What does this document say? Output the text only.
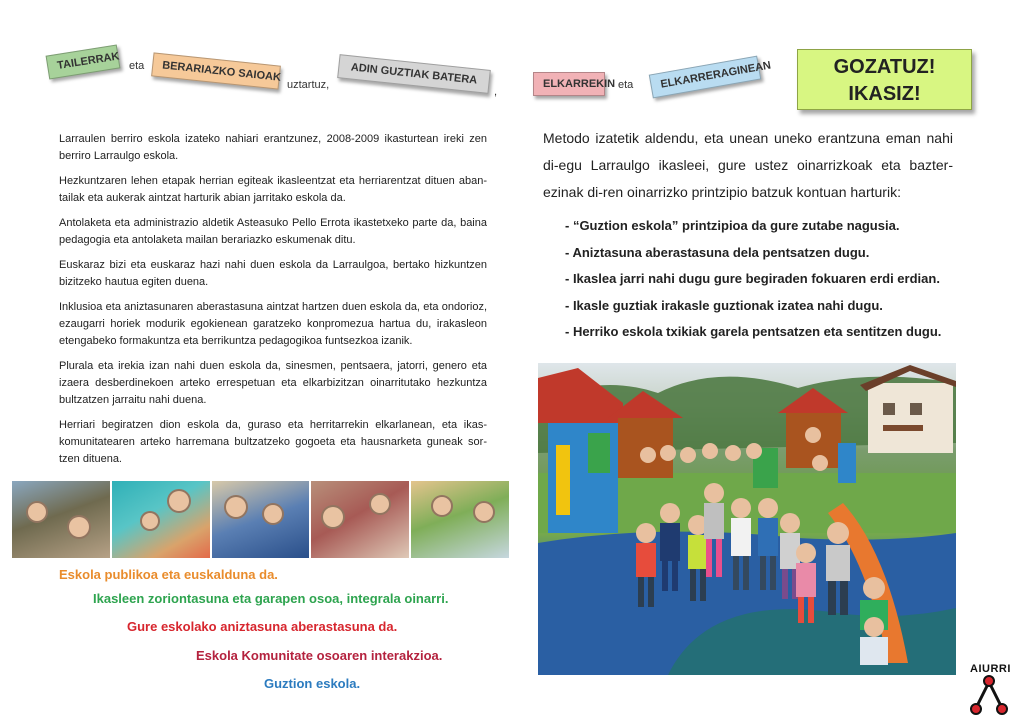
TAILERRAK eta	BERARIAZKO SAIOAK
uztartuz,	ADIN GUZTIAK BATERA
,
ELKARREKIN eta	ELKARRERAGINEAN	GOZATUZ!
IKASIZ!

Larraulen berriro eskola izateko nahiari erantzunez, 2008-2009 ikasturtean ireki zen berriro Larraulgo eskola.

Hezkuntzaren lehen etapak herrian egiteak ikasleentzat eta herriarentzat dituen aban-tailak eta aukerak aintzat harturik abian jarritako eskola da.

Antolaketa eta administrazio aldetik Asteasuko Pello Errota ikastetxeko parte da, baina pedagogia eta antolaketa mailan berariazko eskumenak ditu.

Euskaraz bizi eta euskaraz hazi nahi duen eskola da Larraulgoa, bertako hizkuntzen bizitzeko hautua egiten duena.

Inklusioa eta aniztasunaren aberastasuna aintzat hartzen duen eskola da, eta ondorioz, ezaugarri horiek modurik egokienean garatzeko konpromezua hartua du, irakasleon etengabeko formakuntza eta berrikuntza pedagogikoa funtsezkoa izanik.

Plurala eta irekia izan nahi duen eskola da, sinesmen, pentsaera, jatorri, genero eta izaera desberdinekoen arteko errespetuan eta elkarbizitzan oinarritutako hezkuntza bultzatzen jarraitu nahi duena.

Herriari begiratzen dion eskola da, guraso eta herritarrekin elkarlanean, eta ikas-komunitatearen arteko harremana bultzatzeko gogoeta eta hausnarketa guneak sor-tzen dituena.

Eskola publikoa eta euskalduna da.
Ikasleen zoriontasuna eta garapen osoa, integrala oinarri.
Gure eskolako aniztasuna aberastasuna da.
Eskola Komunitate osoaren interakzioa.
Guztion eskola.
Metodo izatetik aldendu, eta unean uneko erantzuna eman nahi di-egu Larraulgo ikasleei, gure ustez oinarrizkoak eta bazter-ezinak di-ren oinarrizko printzipio batzuk kontuan harturik:
- “Guztion eskola” printzipioa da gure zutabe nagusia.
- Aniztasuna aberastasuna dela pentsatzen dugu.
- Ikaslea jarri nahi dugu gure begiraden fokuaren erdi erdian.
- Ikasle guztiak irakasle guztionak izatea nahi dugu.
- Herriko eskola txikiak garela pentsatzen eta sentitzen dugu.
AIURRI
